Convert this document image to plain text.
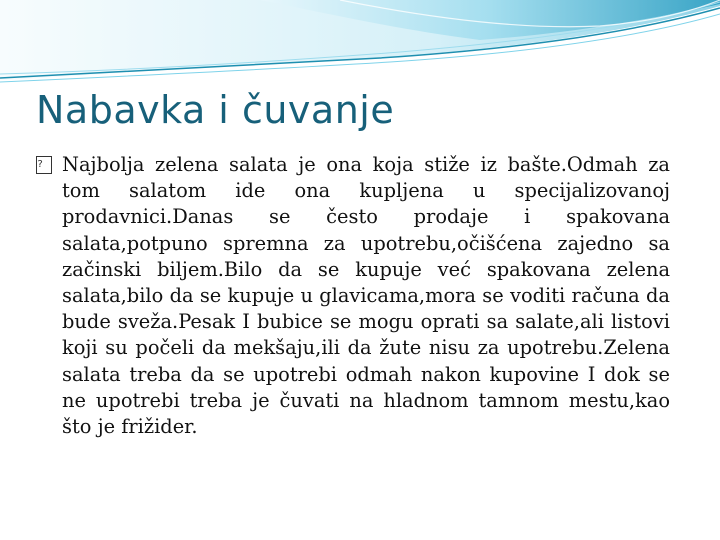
Nabavka i čuvanje

? Najbolja zelena salata je ona koja stiže iz bašte.Odmah za tom salatom ide ona kupljena u specijalizovanoj prodavnici.Danas se često prodaje i spakovana salata,potpuno spremna za upotrebu,očišćena zajedno sa začinski biljem.Bilo da se kupuje već spakovana zelena salata,bilo da se kupuje u glavicama,mora se voditi računa da bude sveža.Pesak I bubice se mogu oprati sa salate,ali listovi koji su počeli da mekšaju,ili da žute nisu za upotrebu.Zelena salata treba da se upotrebi odmah nakon kupovine I dok se ne upotrebi treba je čuvati na hladnom tamnom mestu,kao što je frižider.
